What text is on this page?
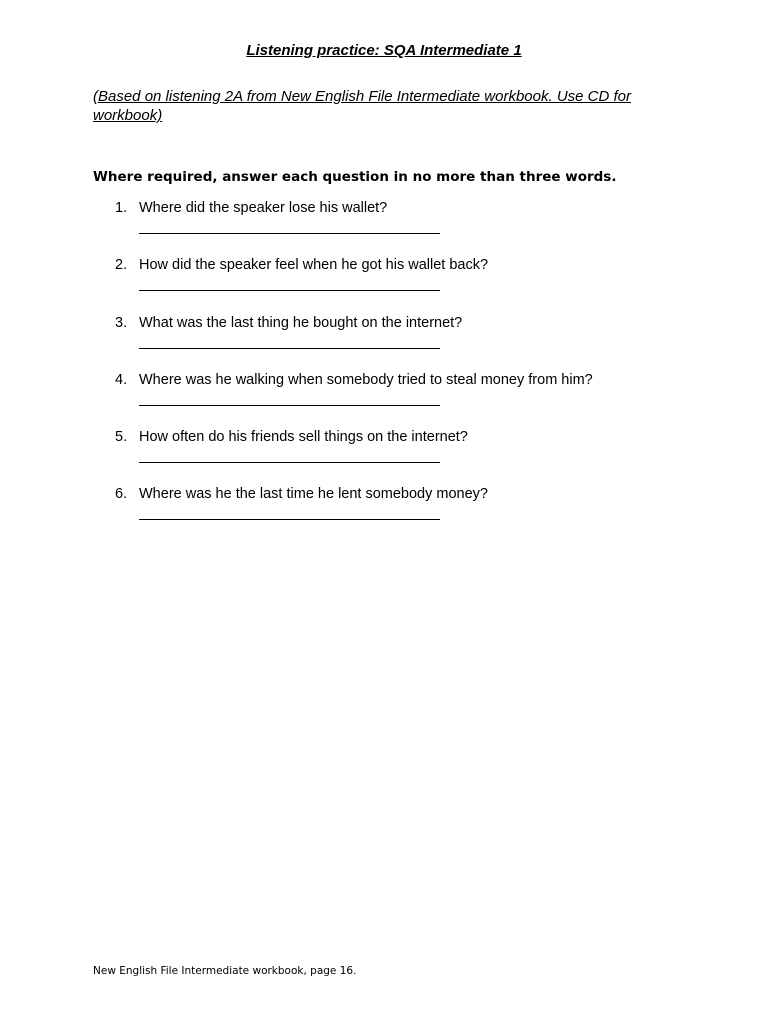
Listening practice: SQA Intermediate 1
(Based on listening 2A from New English File Intermediate workbook. Use CD for workbook)
Where required, answer each question in no more than three words.
1. Where did the speaker lose his wallet?
2. How did the speaker feel when he got his wallet back?
3. What was the last thing he bought on the internet?
4. Where was he walking when somebody tried to steal money from him?
5. How often do his friends sell things on the internet?
6. Where was he the last time he lent somebody money?
New English File Intermediate workbook, page 16.
